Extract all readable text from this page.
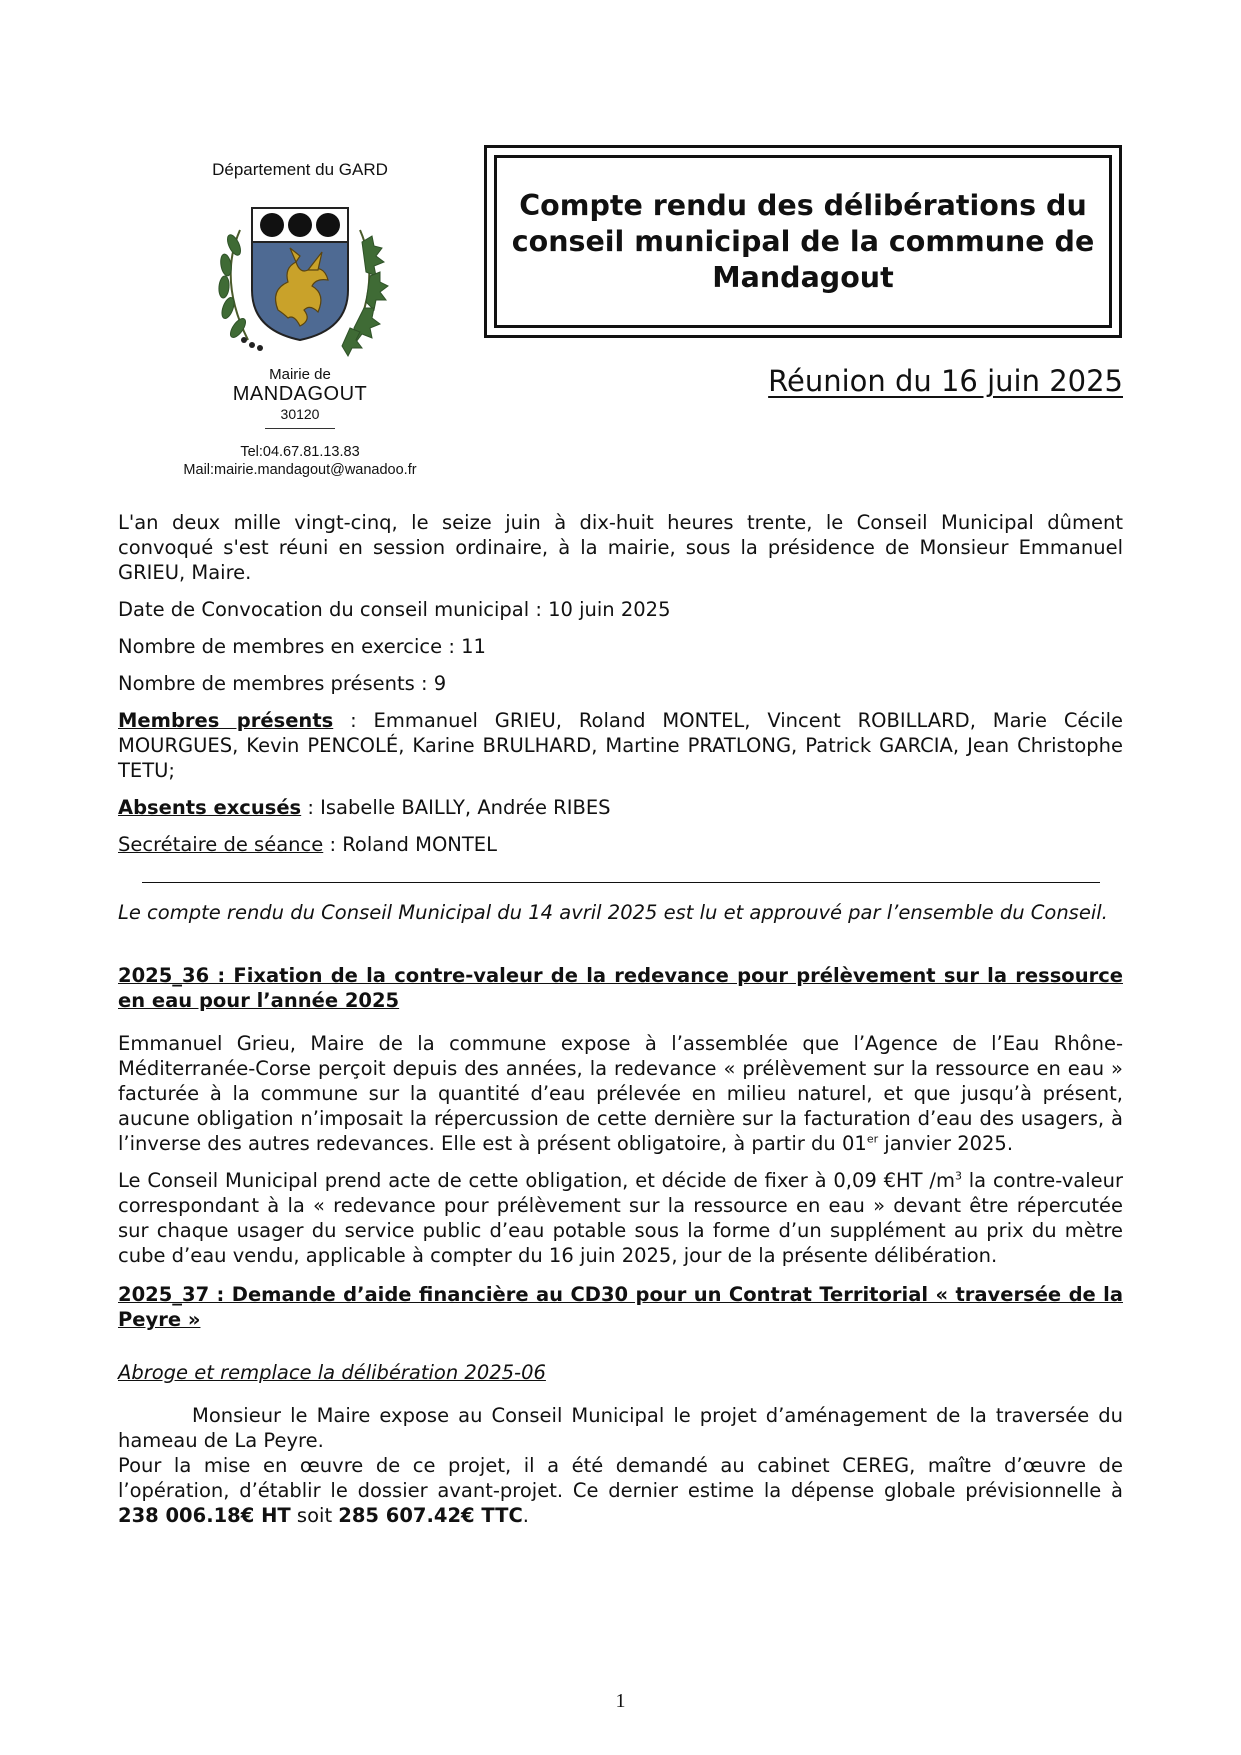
Département du GARD
Mairie de
MANDAGOUT
30120
Tel:04.67.81.13.83
Mail:mairie.mandagout@wanadoo.fr
Compte rendu des délibérations du conseil municipal de la commune de Mandagout
Réunion du 16 juin 2025

L'an deux mille vingt-cinq, le seize juin à dix-huit heures trente, le Conseil Municipal dûment convoqué s'est réuni en session ordinaire, à la mairie, sous la présidence de Monsieur Emmanuel GRIEU, Maire.

Date de Convocation du conseil municipal : 10 juin 2025

Nombre de membres en exercice : 11

Nombre de membres présents : 9

Membres présents : Emmanuel GRIEU, Roland MONTEL, Vincent ROBILLARD, Marie Cécile MOURGUES, Kevin PENCOLÉ, Karine BRULHARD, Martine PRATLONG, Patrick GARCIA, Jean Christophe TETU;

Absents excusés : Isabelle BAILLY, Andrée RIBES

Secrétaire de séance : Roland MONTEL

Le compte rendu du Conseil Municipal du 14 avril 2025 est lu et approuvé par l’ensemble du Conseil.

2025_36 : Fixation de la contre-valeur de la redevance pour prélèvement sur la ressource en eau pour l’année 2025

Emmanuel Grieu, Maire de la commune expose à l’assemblée que l’Agence de l’Eau Rhône-Méditerranée-Corse perçoit depuis des années, la redevance « prélèvement sur la ressource en eau » facturée à la commune sur la quantité d’eau prélevée en milieu naturel, et que jusqu’à présent, aucune obligation n’imposait la répercussion de cette dernière sur la facturation d’eau des usagers, à l’inverse des autres redevances. Elle est à présent obligatoire, à partir du 01er janvier 2025.

Le Conseil Municipal prend acte de cette obligation, et décide de fixer à 0,09 €HT $/m^3$ la contre-valeur correspondant à la « redevance pour prélèvement sur la ressource en eau » devant être répercutée sur chaque usager du service public d’eau potable sous la forme d’un supplément au prix du mètre cube d’eau vendu, applicable à compter du 16 juin 2025, jour de la présente délibération.

2025_37 : Demande d’aide financière au CD30 pour un Contrat Territorial « traversée de la Peyre »

Abroge et remplace la délibération 2025-06

Monsieur le Maire expose au Conseil Municipal le projet d’aménagement de la traversée du hameau de La Peyre.

Pour la mise en œuvre de ce projet, il a été demandé au cabinet CEREG, maître d’œuvre de l’opération, d’établir le dossier avant-projet. Ce dernier estime la dépense globale prévisionnelle à 238 006.18€ HT soit 285 607.42€ TTC.

1
